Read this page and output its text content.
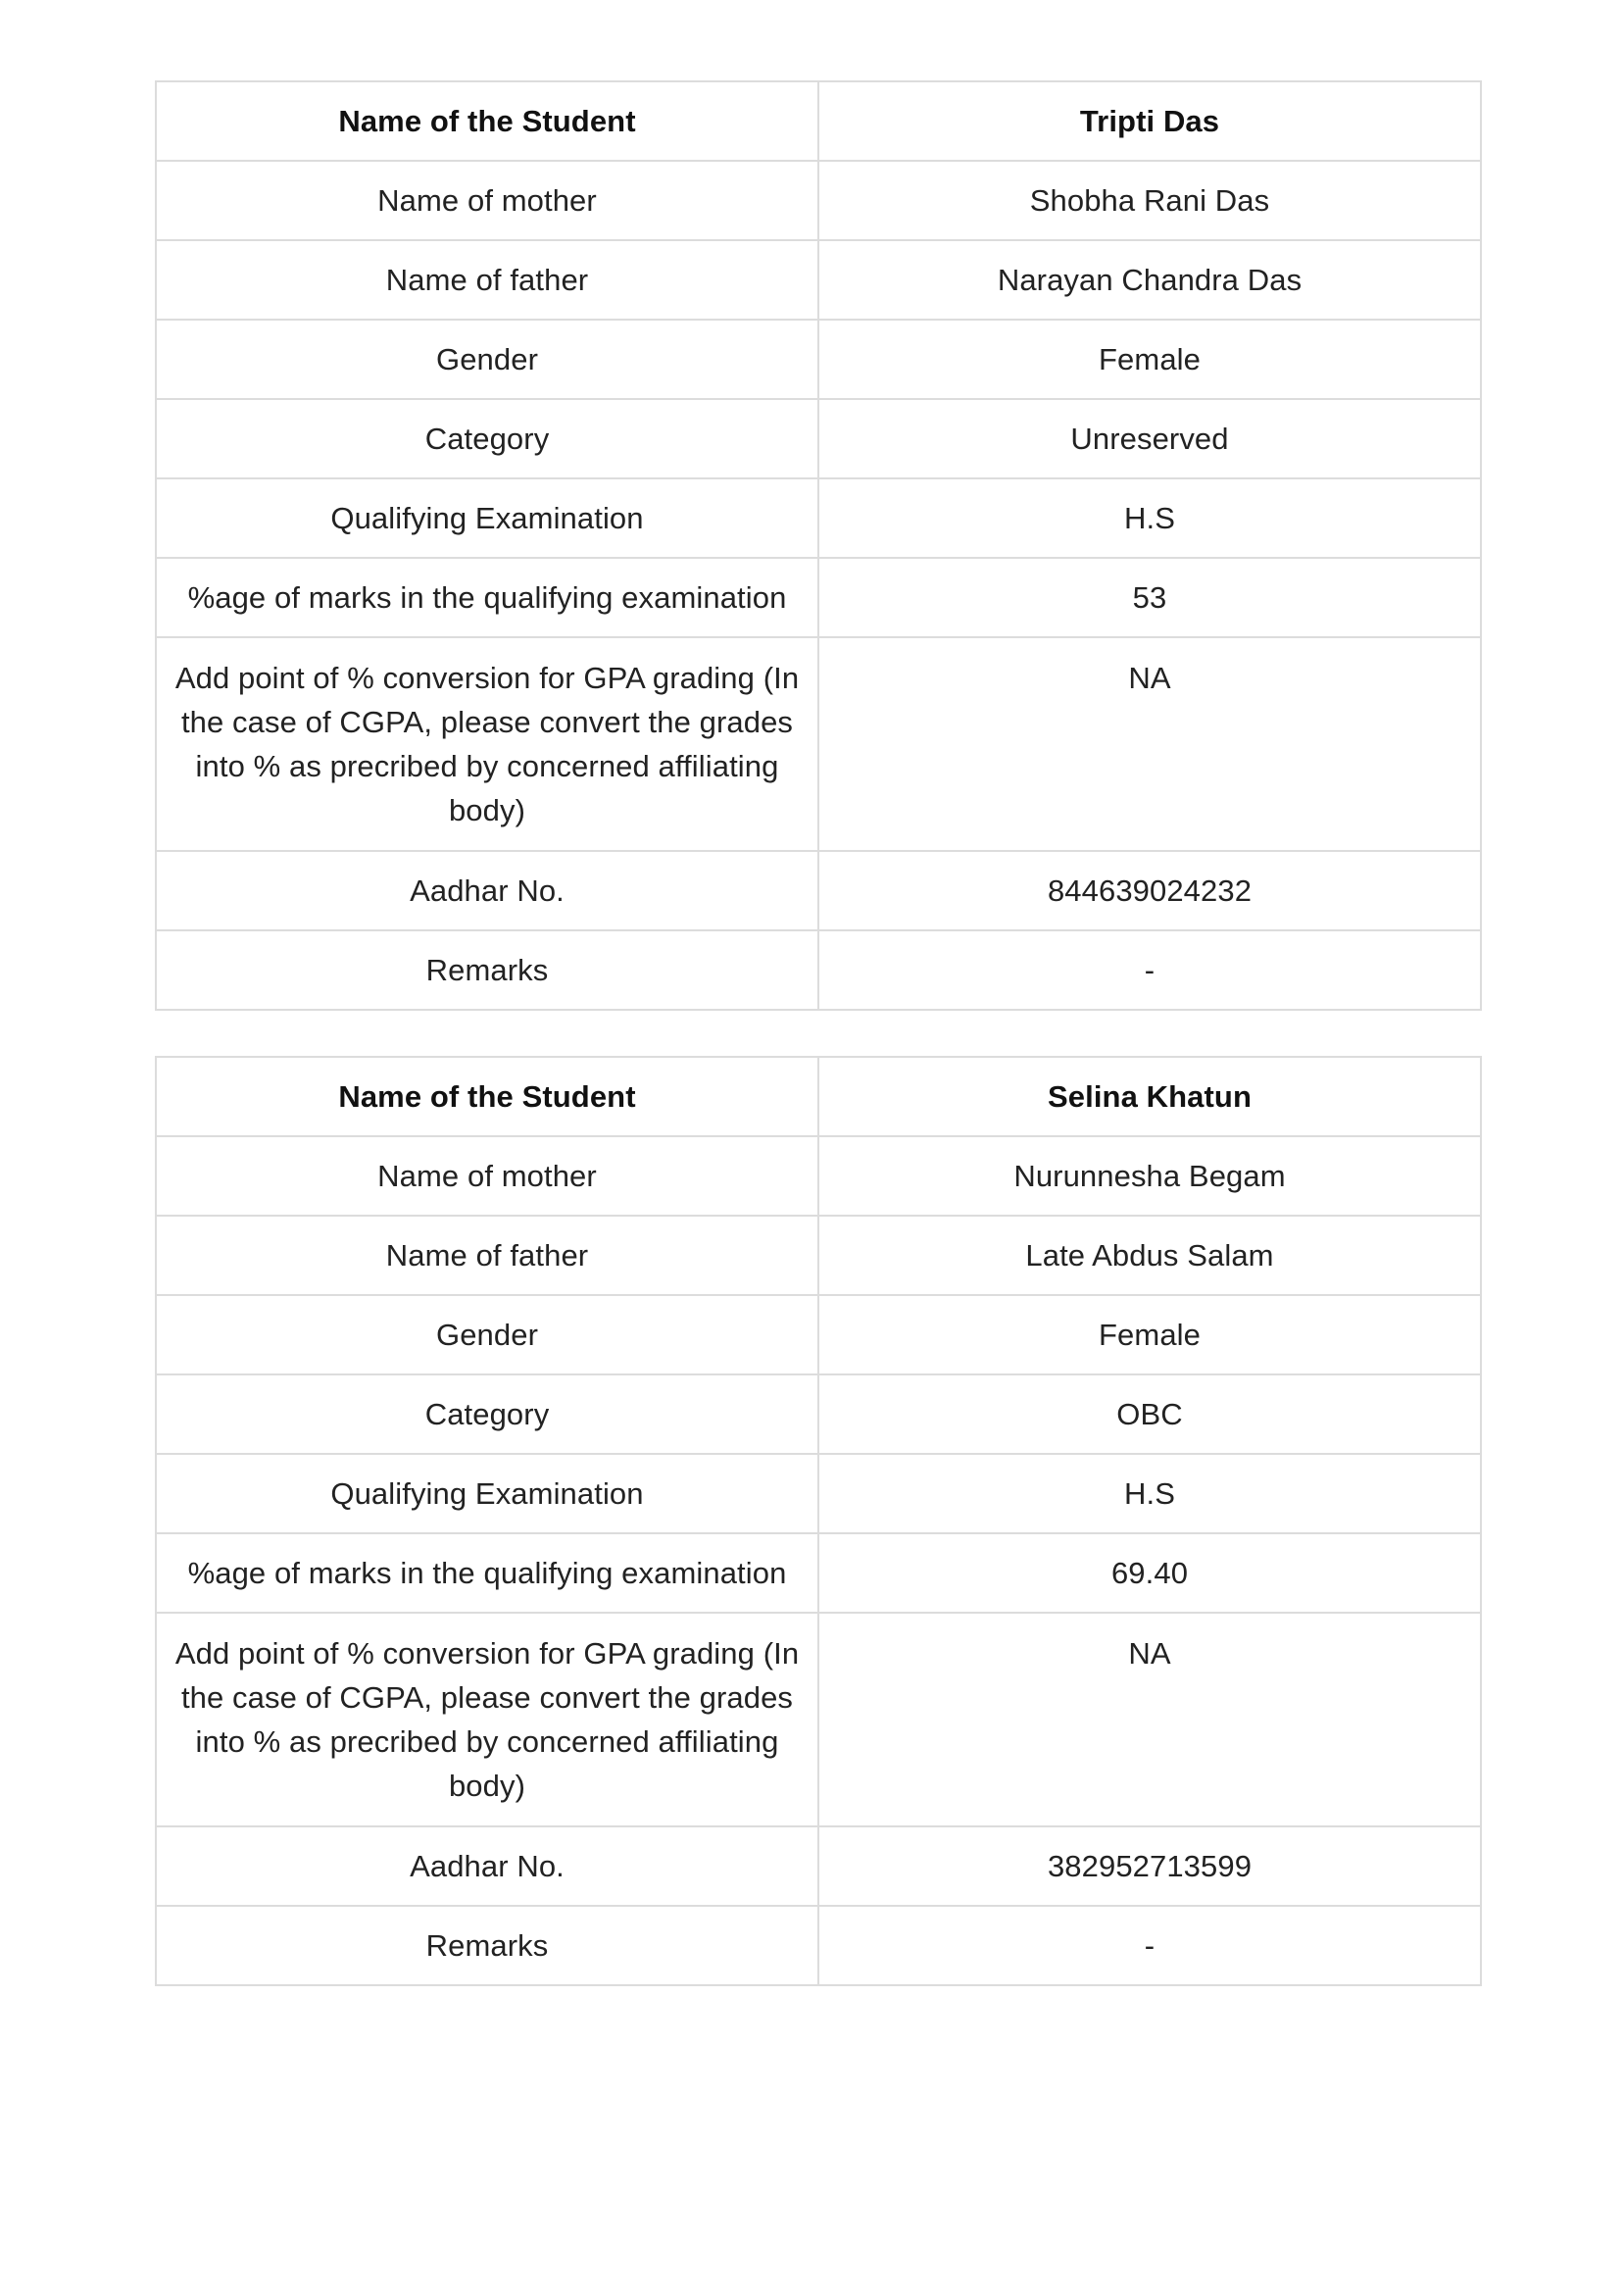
Name of the Student	Tripti Das
Name of mother	Shobha Rani Das
Name of father	Narayan Chandra Das
Gender	Female
Category	Unreserved
Qualifying Examination	H.S
%age of marks in the qualifying examination	53
Add point of % conversion for GPA grading (In the case of CGPA, please convert the grades into % as precribed by concerned affiliating body)	NA
Aadhar No.	844639024232
Remarks	-
Name of the Student	Selina Khatun
Name of mother	Nurunnesha Begam
Name of father	Late Abdus Salam
Gender	Female
Category	OBC
Qualifying Examination	H.S
%age of marks in the qualifying examination	69.40
Add point of % conversion for GPA grading (In the case of CGPA, please convert the grades into % as precribed by concerned affiliating body)	NA
Aadhar No.	382952713599
Remarks	-
